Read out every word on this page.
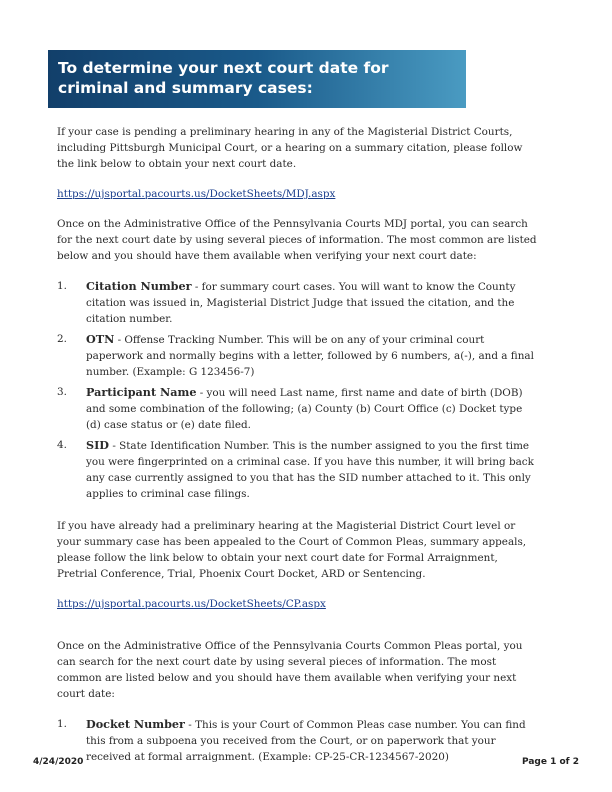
To determine your next court date for criminal and summary cases:

If your case is pending a preliminary hearing in any of the Magisterial District Courts, including Pittsburgh Municipal Court, or a hearing on a summary citation, please follow the link below to obtain your next court date.

https://ujsportal.pacourts.us/DocketSheets/MDJ.aspx

Once on the Administrative Office of the Pennsylvania Courts MDJ portal, you can search for the next court date by using several pieces of information. The most common are listed below and you should have them available when verifying your next court date:

1. Citation Number - for summary court cases. You will want to know the County citation was issued in, Magisterial District Judge that issued the citation, and the citation number.
2. OTN - Offense Tracking Number. This will be on any of your criminal court paperwork and normally begins with a letter, followed by 6 numbers, a(-), and a final number. (Example: G 123456-7)
3. Participant Name - you will need Last name, first name and date of birth (DOB) and some combination of the following; (a) County (b) Court Office (c) Docket type (d) case status or (e) date filed.
4. SID - State Identification Number. This is the number assigned to you the first time you were fingerprinted on a criminal case. If you have this number, it will bring back any case currently assigned to you that has the SID number attached to it. This only applies to criminal case filings.

If you have already had a preliminary hearing at the Magisterial District Court level or your summary case has been appealed to the Court of Common Pleas, summary appeals, please follow the link below to obtain your next court date for Formal Arraignment, Pretrial Conference, Trial, Phoenix Court Docket, ARD or Sentencing.

https://ujsportal.pacourts.us/DocketSheets/CP.aspx

Once on the Administrative Office of the Pennsylvania Courts Common Pleas portal, you can search for the next court date by using several pieces of information. The most common are listed below and you should have them available when verifying your next court date:

1. Docket Number - This is your Court of Common Pleas case number. You can find this from a subpoena you received from the Court, or on paperwork that your received at formal arraignment. (Example: CP-25-CR-1234567-2020)
4/24/2020	Page 1 of 2
